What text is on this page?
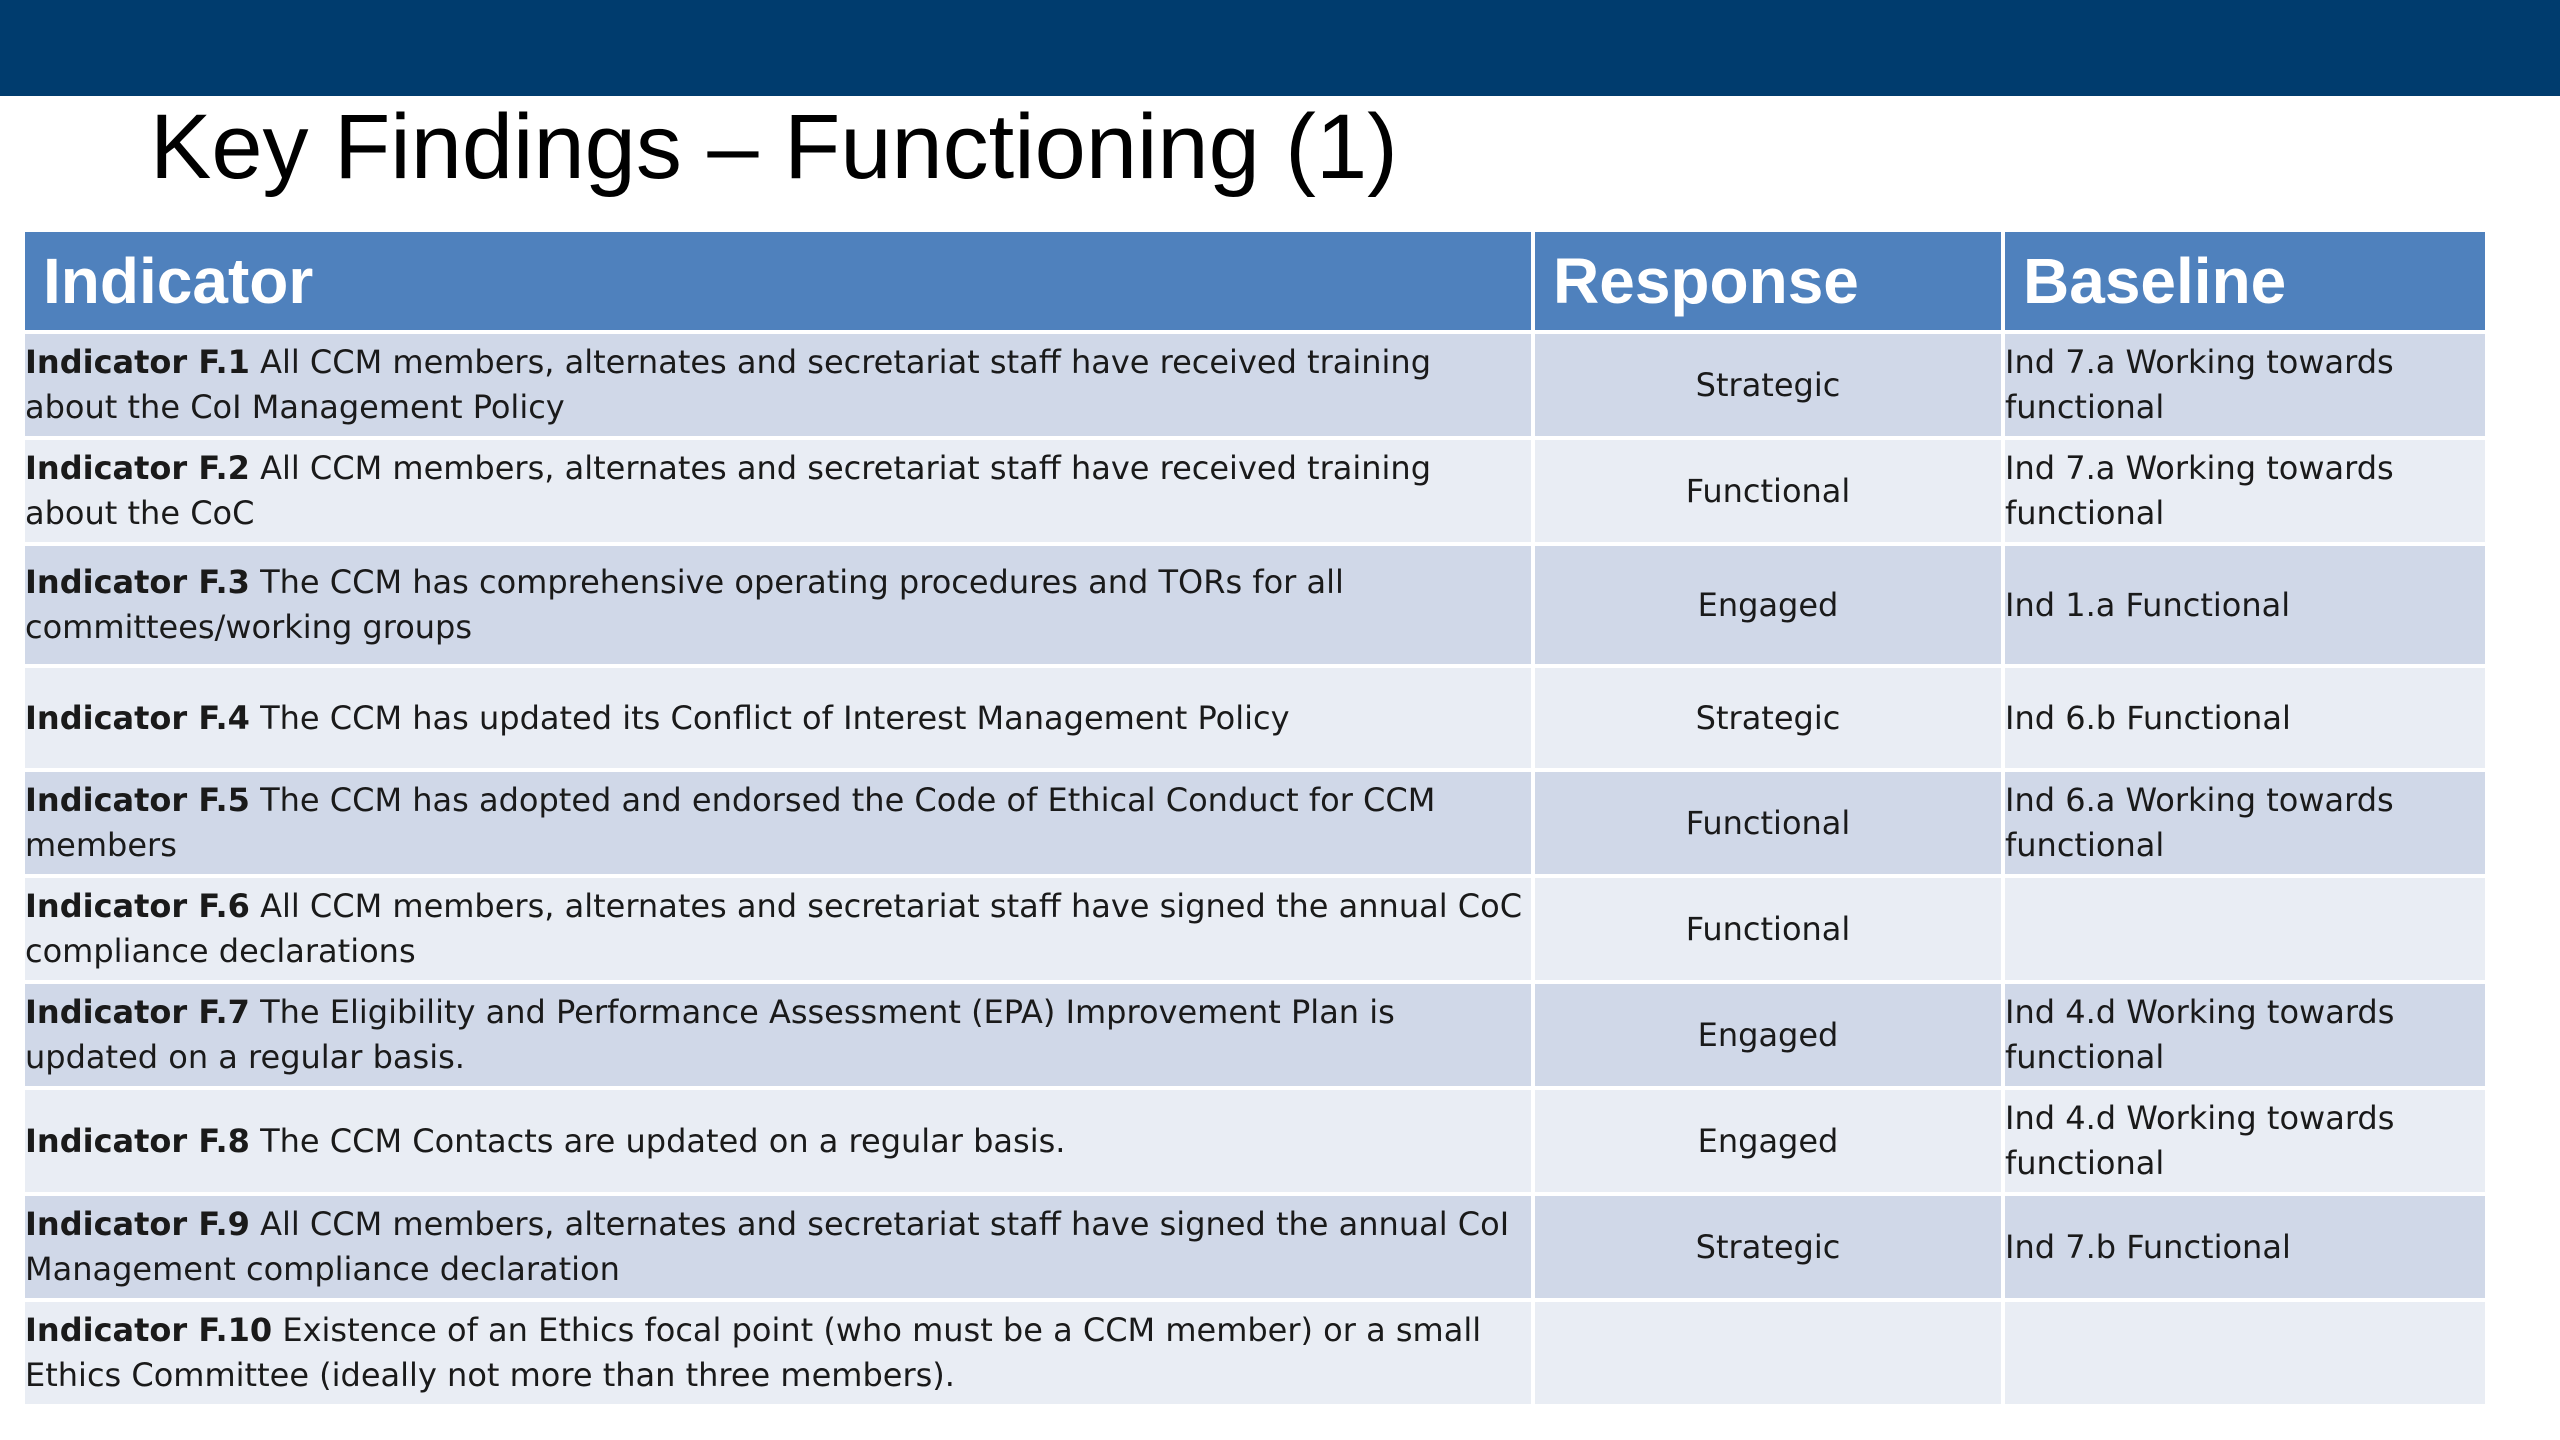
Key Findings – Functioning (1)
Indicator	Response	Baseline
Indicator F.1 All CCM members, alternates and secretariat staff have received training about the CoI Management Policy	Strategic	Ind 7.a Working towards functional
Indicator F.2 All CCM members, alternates and secretariat staff have received training about the CoC	Functional	Ind 7.a Working towards functional
Indicator F.3 The CCM has comprehensive operating procedures and TORs for all committees/working groups	Engaged	Ind 1.a Functional
Indicator F.4 The CCM has updated its Conflict of Interest Management Policy	Strategic	Ind 6.b Functional
Indicator F.5 The CCM has adopted and endorsed the Code of Ethical Conduct for CCM members	Functional	Ind 6.a Working towards functional
Indicator F.6 All CCM members, alternates and secretariat staff have signed the annual CoC compliance declarations	Functional	
Indicator F.7 The Eligibility and Performance Assessment (EPA) Improvement Plan is updated on a regular basis.	Engaged	Ind 4.d Working towards functional
Indicator F.8 The CCM Contacts are updated on a regular basis.	Engaged	Ind 4.d Working towards functional
Indicator F.9 All CCM members, alternates and secretariat staff have signed the annual CoI Management compliance declaration	Strategic	Ind 7.b Functional
Indicator F.10 Existence of an Ethics focal point (who must be a CCM member) or a small Ethics Committee (ideally not more than three members).		
